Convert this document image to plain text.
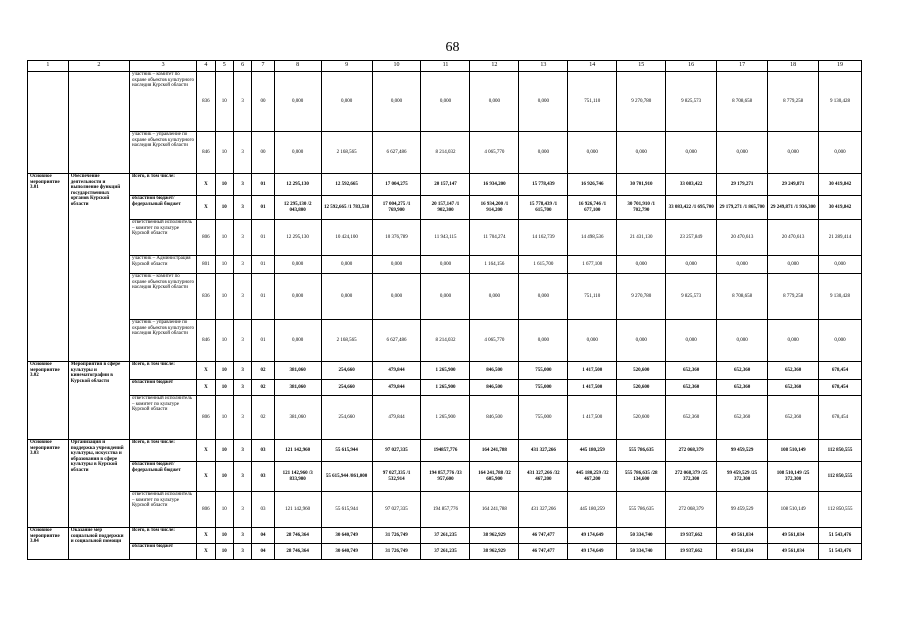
68
1	2	3	4	5	6	7	8	9	10	11	12	13	14	15	16	17	18	19
		участник – комитет по охране объектов культурного наследия Курской области	836	10	3	00	0,000	0,000	0,000	0,000	0,000	0,000	751,110	9 270,780	9 825,573	8 708,658	8 779,258	9 130,428
		участник – управление по охране объектов культурного наследия Курской области	846	10	3	00	0,000	2 168,565	6 627,486	8 214,032	4 065,770	0,000	0,000	0,000	0,000	0,000	0,000	0,000
Основное мероприятие 3.01	Обеспечение деятельности и выполнение функций государственных органов Курской области	Всего, в том числе:	Х	10	3	01	12 295,130	12 592,665	17 004,275	20 157,147	16 934,200	15 778,439	16 926,746	30 701,910	33 083,422	29 179,271	29 249,871	30 419,842
		областной бюджет/ федеральный бюджет	Х	10	3	01	12 295,130 /2 043,800	12 592,665 /1 783,530	17 004,275 /1 769,900	20 157,147 /1 902,300	16 934,200 /1 914,200	15 778,439 /1 615,700	16 926,746 /1 677,100	30 701,910 /1 702,790	33 083,422 /1 695,700	29 179,271 /1 865,700	29 249,871 /1 936,300	30 419,842
		ответственный исполнитель – комитет по культуре Курской области	806	10	3	01	12 295,130	10 424,100	10 376,789	11 943,115	11 704,274	14 162,739	14 498,536	21 431,130	23 257,849	20 470,613	20 470,613	21 289,414
		участник – Администрация Курской области	801	10	3	01	0,000	0,000	0,000	0,000	1 164,156	1 615,700	1 677,100	0,000	0,000	0,000	0,000	0,000
		участник – комитет по охране объектов культурного наследия Курской области	836	10	3	01	0,000	0,000	0,000	0,000	0,000	0,000	751,110	9 270,780	9 825,573	8 708,658	8 779,258	9 130,428
		участник – управление по охране объектов культурного наследия Курской области	846	10	3	01	0,000	2 168,565	6 627,486	8 214,032	4 065,770	0,000	0,000	0,000	0,000	0,000	0,000	0,000
Основное мероприятие 3.02	Мероприятия в сфере культуры и кинематографии в Курской области	Всего, в том числе:	Х	10	3	02	381,060	254,660	479,844	1 265,900	846,500	755,000	1 417,500	520,600	652,360	652,360	652,360	678,454
		областной бюджет	Х	10	3	02	381,060	254,660	479,844	1 265,900	846,500	755,000	1 417,500	520,600	652,360	652,360	652,360	678,454
		ответственный исполнитель – комитет по культуре Курской области	806	10	3	02	381,060	254,660	479,844	1 265,900	846,500	755,000	1 417,500	520,600	652,360	652,360	652,360	678,454
Основное мероприятие 3.03	Организация и поддержка учреждений культуры, искусства и образования в сфере культуры в Курской области	Всего, в том числе:	Х	10	3	03	121 142,960	55 615,944	97 027,335	194857,776	164 241,788	431 327,266	445 180,259	555 786,635	272 068,379	99 459,529	108 510,149	112 850,555
		областной бюджет/ федеральный бюджет	Х	10	3	03	121 142,960 /3 833,900	55 615,944 /861,000	97 027,335 /1 532,914	194 857,776 /33 957,600	164 241,788 /32 605,900	431 327,266 /32 467,200	445 180,259 /32 467,200	555 786,635 /28 134,600	272 068,379 /25 372,300	99 459,529 /25 372,300	108 510,149 /25 372,300	112 850,555
		ответственный исполнитель – комитет по культуре Курской области	806	10	3	03	121 142,960	55 615,944	97 027,335	194 857,776	164 241,788	431 327,266	445 180,259	555 786,635	272 068,379	99 459,529	108 510,149	112 850,555
Основное мероприятие 3.04	Оказание мер социальной поддержки и социальной помощи	Всего, в том числе:	Х	10	3	04	28 746,364	30 640,749	31 726,749	37 261,235	38 962,929	46 747,477	49 174,649	50 334,740	19 937,662	49 561,034	49 561,034	51 543,476
		областной бюджет	Х	10	3	04	28 746,364	30 640,749	31 726,749	37 261,235	38 962,929	46 747,477	49 174,649	50 334,740	19 937,662	49 561,034	49 561,034	51 543,476
